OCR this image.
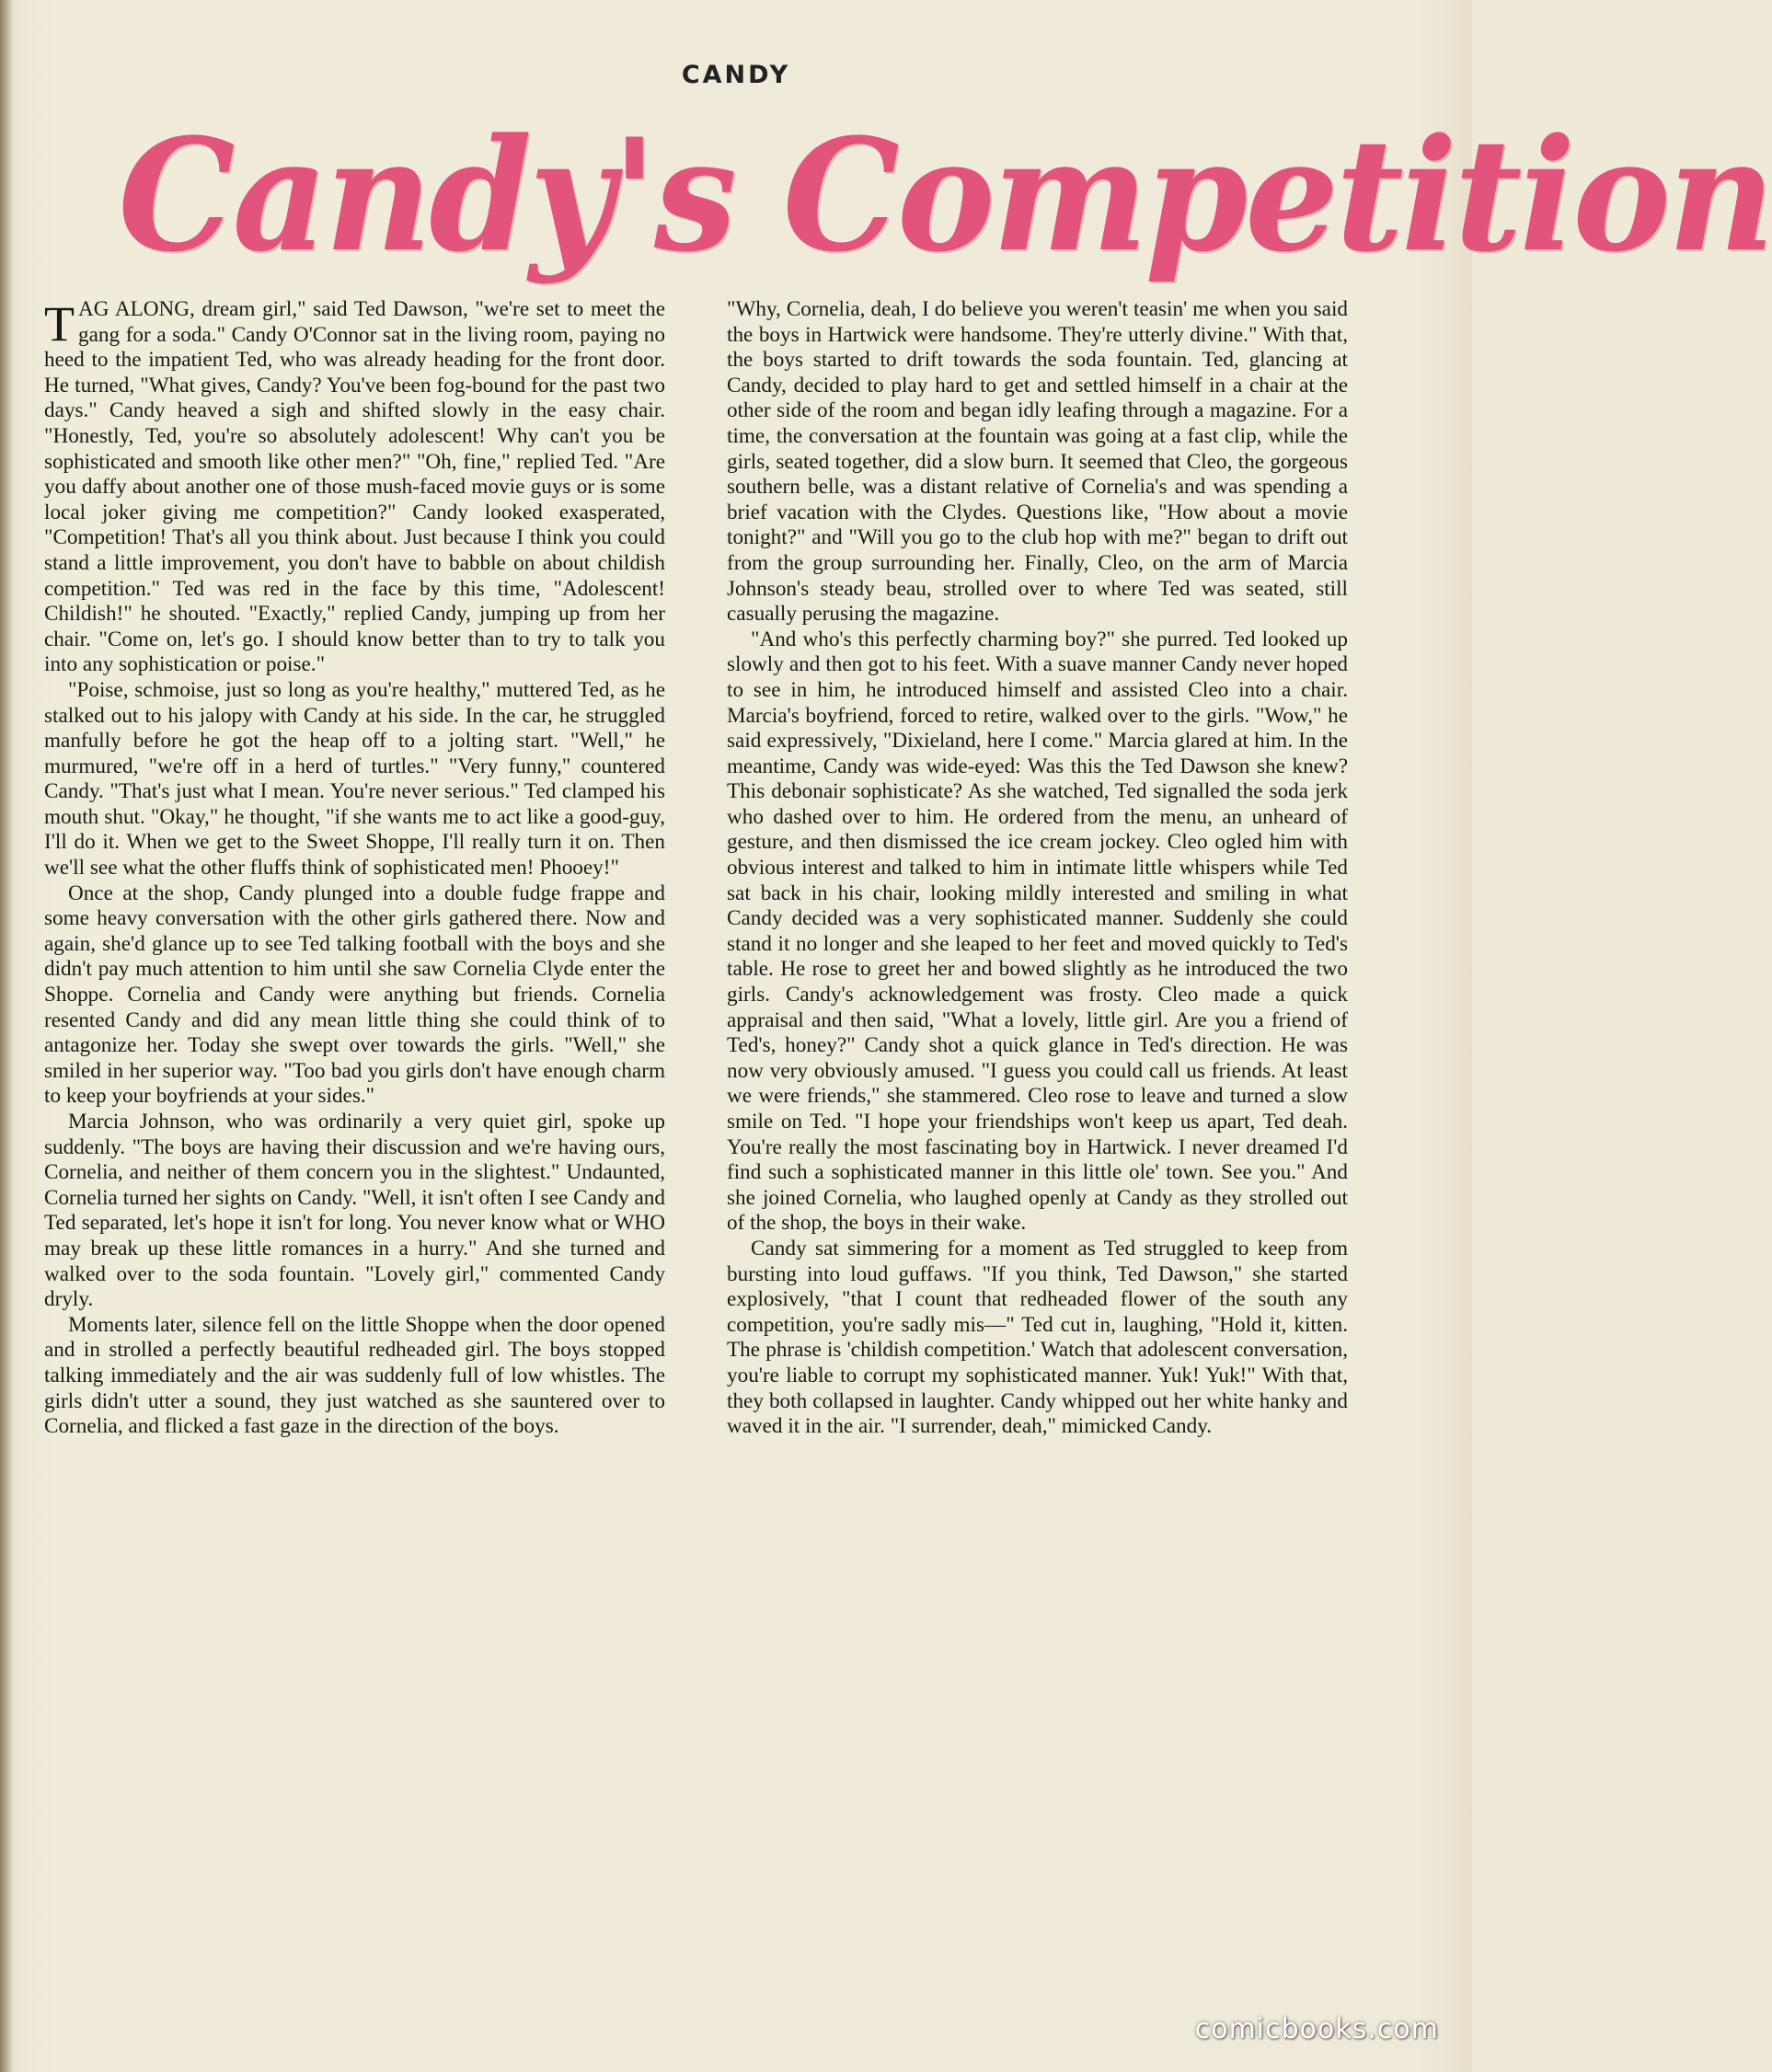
CANDY
Candy's Competition

TAG ALONG, dream girl," said Ted Dawson, "we're set to meet the gang for a soda." Candy O'Connor sat in the living room, paying no heed to the impatient Ted, who was already heading for the front door. He turned, "What gives, Candy? You've been fog-bound for the past two days." Candy heaved a sigh and shifted slowly in the easy chair. "Honestly, Ted, you're so absolutely adolescent! Why can't you be sophisticated and smooth like other men?" "Oh, fine," replied Ted. "Are you daffy about another one of those mush-faced movie guys or is some local joker giving me competition?" Candy looked exasperated, "Competition! That's all you think about. Just because I think you could stand a little improvement, you don't have to babble on about childish competition." Ted was red in the face by this time, "Adolescent! Childish!" he shouted. "Exactly," replied Candy, jumping up from her chair. "Come on, let's go. I should know better than to try to talk you into any sophistication or poise."

"Poise, schmoise, just so long as you're healthy," muttered Ted, as he stalked out to his jalopy with Candy at his side. In the car, he struggled manfully before he got the heap off to a jolting start. "Well," he murmured, "we're off in a herd of turtles." "Very funny," countered Candy. "That's just what I mean. You're never serious." Ted clamped his mouth shut. "Okay," he thought, "if she wants me to act like a good-guy, I'll do it. When we get to the Sweet Shoppe, I'll really turn it on. Then we'll see what the other fluffs think of sophisticated men! Phooey!"

Once at the shop, Candy plunged into a double fudge frappe and some heavy conversation with the other girls gathered there. Now and again, she'd glance up to see Ted talking football with the boys and she didn't pay much attention to him until she saw Cornelia Clyde enter the Shoppe. Cornelia and Candy were anything but friends. Cornelia resented Candy and did any mean little thing she could think of to antagonize her. Today she swept over towards the girls. "Well," she smiled in her superior way. "Too bad you girls don't have enough charm to keep your boyfriends at your sides."

Marcia Johnson, who was ordinarily a very quiet girl, spoke up suddenly. "The boys are having their discussion and we're having ours, Cornelia, and neither of them concern you in the slightest." Undaunted, Cornelia turned her sights on Candy. "Well, it isn't often I see Candy and Ted separated, let's hope it isn't for long. You never know what or WHO may break up these little romances in a hurry." And she turned and walked over to the soda fountain. "Lovely girl," commented Candy dryly.

Moments later, silence fell on the little Shoppe when the door opened and in strolled a perfectly beautiful redheaded girl. The boys stopped talking immediately and the air was suddenly full of low whistles. The girls didn't utter a sound, they just watched as she sauntered over to Cornelia, and flicked a fast gaze in the direction of the boys.

"Why, Cornelia, deah, I do believe you weren't teasin' me when you said the boys in Hartwick were handsome. They're utterly divine." With that, the boys started to drift towards the soda fountain. Ted, glancing at Candy, decided to play hard to get and settled himself in a chair at the other side of the room and began idly leafing through a magazine. For a time, the conversation at the fountain was going at a fast clip, while the girls, seated together, did a slow burn. It seemed that Cleo, the gorgeous southern belle, was a distant relative of Cornelia's and was spending a brief vacation with the Clydes. Questions like, "How about a movie tonight?" and "Will you go to the club hop with me?" began to drift out from the group surrounding her. Finally, Cleo, on the arm of Marcia Johnson's steady beau, strolled over to where Ted was seated, still casually perusing the magazine.

"And who's this perfectly charming boy?" she purred. Ted looked up slowly and then got to his feet. With a suave manner Candy never hoped to see in him, he introduced himself and assisted Cleo into a chair. Marcia's boyfriend, forced to retire, walked over to the girls. "Wow," he said expressively, "Dixieland, here I come." Marcia glared at him. In the meantime, Candy was wide-eyed: Was this the Ted Dawson she knew? This debonair sophisticate? As she watched, Ted signalled the soda jerk who dashed over to him. He ordered from the menu, an unheard of gesture, and then dismissed the ice cream jockey. Cleo ogled him with obvious interest and talked to him in intimate little whispers while Ted sat back in his chair, looking mildly interested and smiling in what Candy decided was a very sophisticated manner. Suddenly she could stand it no longer and she leaped to her feet and moved quickly to Ted's table. He rose to greet her and bowed slightly as he introduced the two girls. Candy's acknowledgement was frosty. Cleo made a quick appraisal and then said, "What a lovely, little girl. Are you a friend of Ted's, honey?" Candy shot a quick glance in Ted's direction. He was now very obviously amused. "I guess you could call us friends. At least we were friends," she stammered. Cleo rose to leave and turned a slow smile on Ted. "I hope your friendships won't keep us apart, Ted deah. You're really the most fascinating boy in Hartwick. I never dreamed I'd find such a sophisticated manner in this little ole' town. See you." And she joined Cornelia, who laughed openly at Candy as they strolled out of the shop, the boys in their wake.

Candy sat simmering for a moment as Ted struggled to keep from bursting into loud guffaws. "If you think, Ted Dawson," she started explosively, "that I count that redheaded flower of the south any competition, you're sadly mis—" Ted cut in, laughing, "Hold it, kitten. The phrase is 'childish competition.' Watch that adolescent conversation, you're liable to corrupt my sophisticated manner. Yuk! Yuk!" With that, they both collapsed in laughter. Candy whipped out her white hanky and waved it in the air. "I surrender, deah," mimicked Candy.

comicbooks.com
